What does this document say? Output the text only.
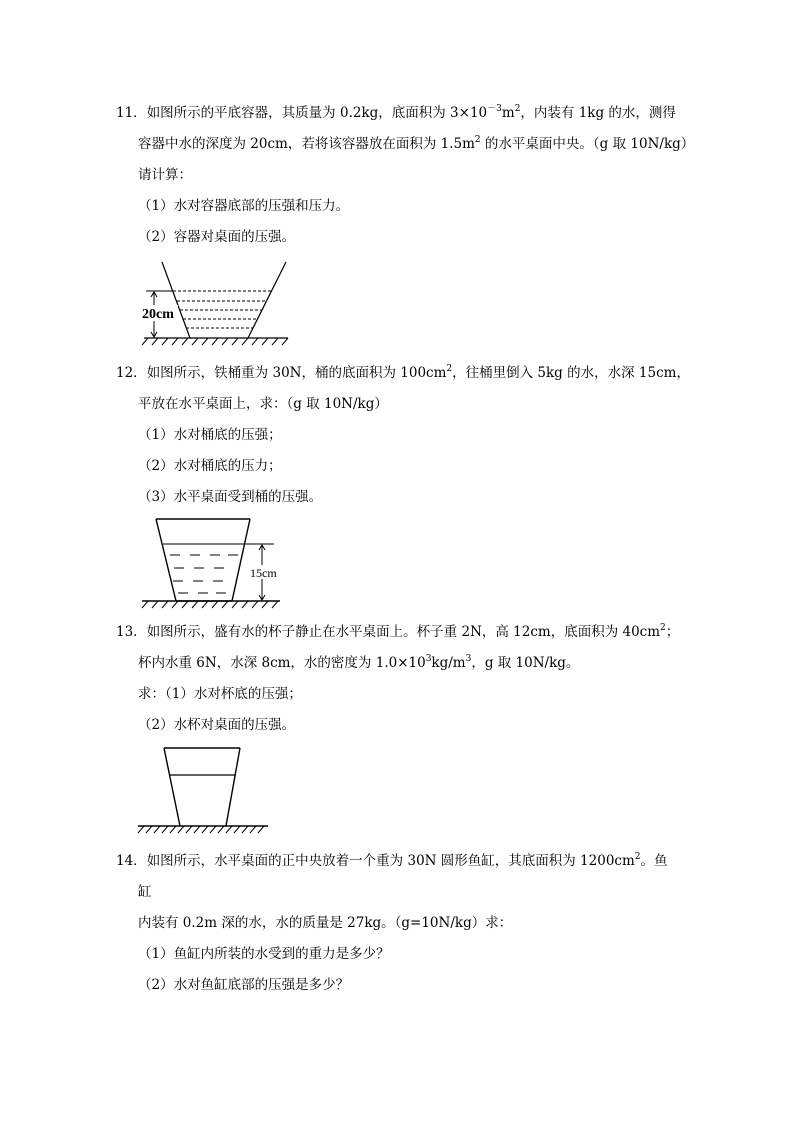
11．如图所示的平底容器，其质量为 0.2kg，底面积为 $3\times 10^{-3}m^2$，内装有 1kg 的水，测得
容器中水的深度为 20cm，若将该容器放在面积为 $1.5m^2$ 的水平桌面中央。（g 取 10N/kg）
请计算：
（1）水对容器底部的压强和压力。
（2）容器对桌面的压强。
20cm
12．如图所示，铁桶重为 30N，桶的底面积为 $100cm^2$，往桶里倒入 5kg 的水，水深 15cm，
平放在水平桌面上，求：（g 取 10N/kg）
（1）水对桶底的压强；
（2）水对桶底的压力；
（3）水平桌面受到桶的压强。
15cm
13．如图所示，盛有水的杯子静止在水平桌面上。杯子重 2N，高 12cm，底面积为 $40cm^2$；
杯内水重 6N，水深 8cm，水的密度为 $1.0\times 10^3kg/m^3$，g 取 10N/kg。
求：（1）水对杯底的压强；
（2）水杯对桌面的压强。
14．如图所示，水平桌面的正中央放着一个重为 30N 圆形鱼缸，其底面积为 $1200cm^2$。鱼
缸
内装有 0.2m 深的水，水的质量是 27kg。（g=10N/kg）求：
（1）鱼缸内所装的水受到的重力是多少？
（2）水对鱼缸底部的压强是多少？
